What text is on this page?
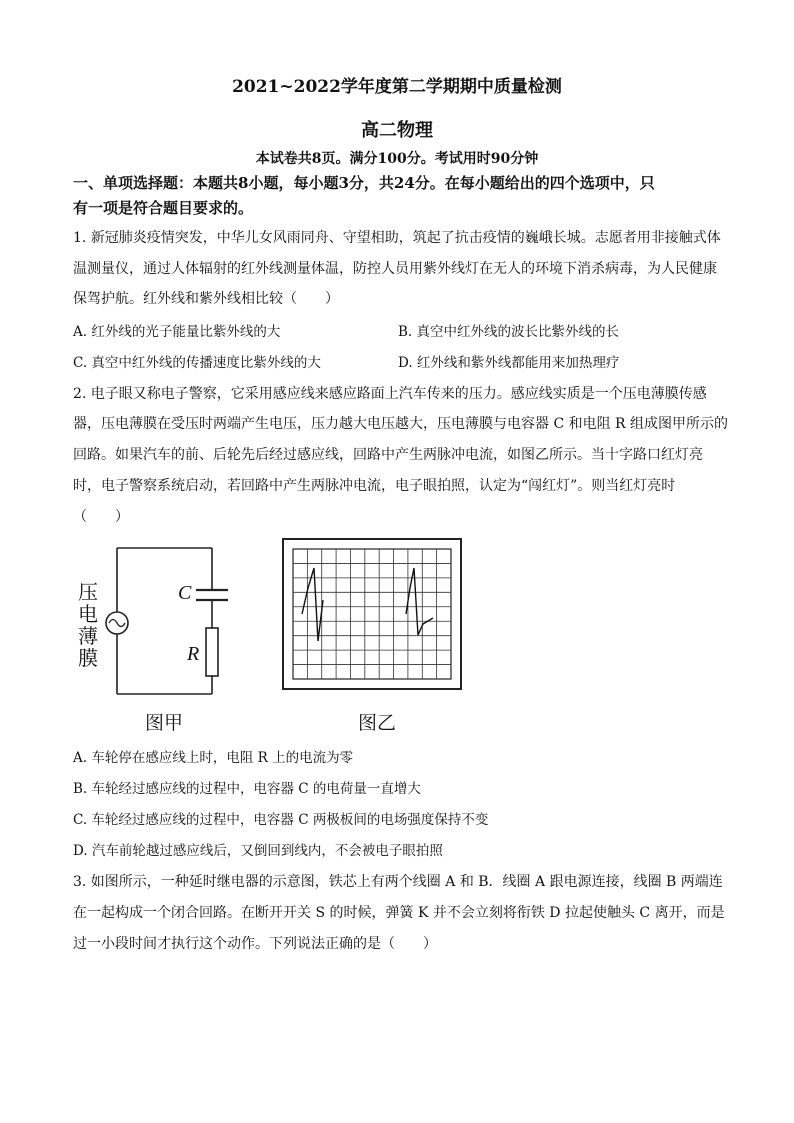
2021~2022学年度第二学期期中质量检测
高二物理
本试卷共8页。满分100分。考试用时90分钟
一、单项选择题：本题共8小题，每小题3分，共24分。在每小题给出的四个选项中，只
有一项是符合题目要求的。
1. 新冠肺炎疫情突发，中华儿女风雨同舟、守望相助，筑起了抗击疫情的巍峨长城。志愿者用非接触式体
温测量仪，通过人体辐射的红外线测量体温，防控人员用紫外线灯在无人的环境下消杀病毒，为人民健康
保驾护航。红外线和紫外线相比较（　　）
A. 红外线的光子能量比紫外线的大	B. 真空中红外线的波长比紫外线的长
C. 真空中红外线的传播速度比紫外线的大	D. 红外线和紫外线都能用来加热理疗
2. 电子眼又称电子警察，它采用感应线来感应路面上汽车传来的压力。感应线实质是一个压电薄膜传感
器，压电薄膜在受压时两端产生电压，压力越大电压越大，压电薄膜与电容器 C 和电阻 R 组成图甲所示的
回路。如果汽车的前、后轮先后经过感应线，回路中产生两脉冲电流，如图乙所示。当十字路口红灯亮
时，电子警察系统启动，若回路中产生两脉冲电流，电子眼拍照，认定为“闯红灯”。则当红灯亮时
（　　）
压
电
薄
膜
C
R
图甲	图乙
A. 车轮停在感应线上时，电阻 R 上的电流为零
B. 车轮经过感应线的过程中，电容器 C 的电荷量一直增大
C. 车轮经过感应线的过程中，电容器 C 两极板间的电场强度保持不变
D. 汽车前轮越过感应线后，又倒回到线内，不会被电子眼拍照
3. 如图所示，一种延时继电器的示意图，铁芯上有两个线圈 A 和 B．线圈 A 跟电源连接，线圈 B 两端连
在一起构成一个闭合回路。在断开开关 S 的时候，弹簧 K 并不会立刻将衔铁 D 拉起使触头 C 离开，而是
过一小段时间才执行这个动作。下列说法正确的是（　　）
